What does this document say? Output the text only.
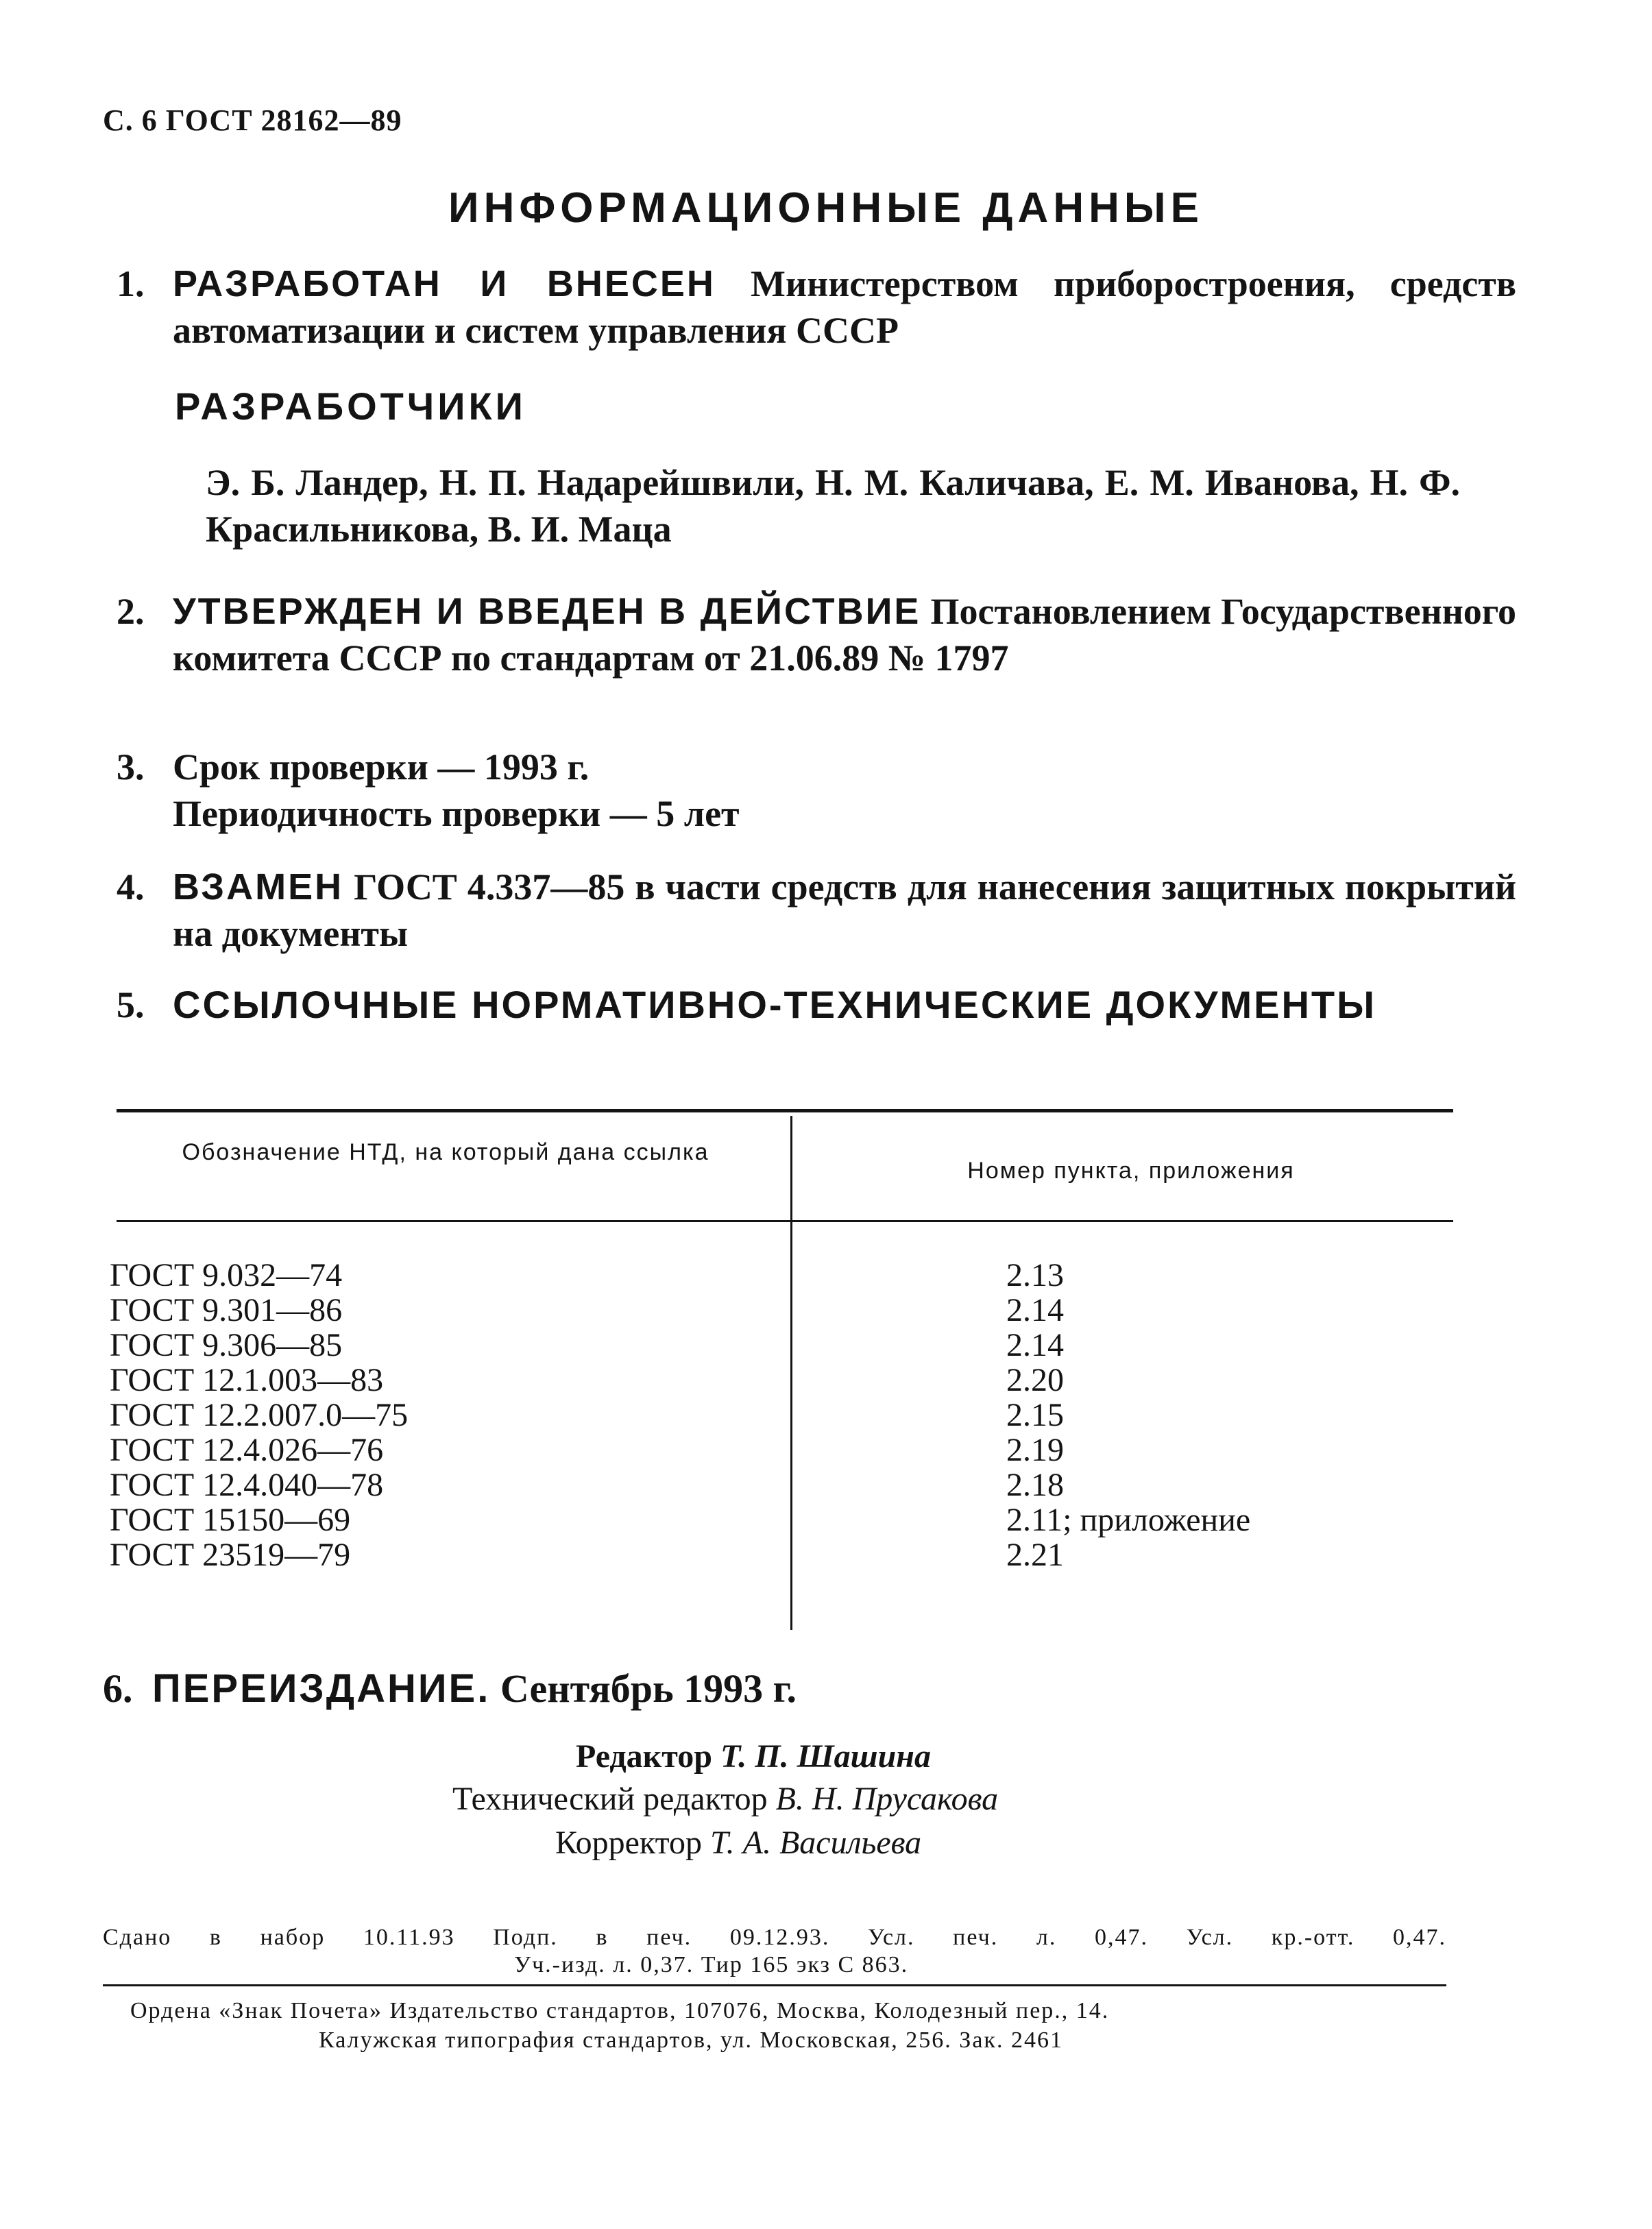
С. 6 ГОСТ 28162—89
ИНФОРМАЦИОННЫЕ ДАННЫЕ
1. РАЗРАБОТАН И ВНЕСЕН Министерством приборостроения, средств автоматизации и систем управления СССР
РАЗРАБОТЧИКИ
Э. Б. Ландер, Н. П. Надарейшвили, Н. М. Каличава, Е. М. Иванова, Н. Ф. Красильникова, В. И. Маца
2. УТВЕРЖДЕН И ВВЕДЕН В ДЕЙСТВИЕ Постановлением Государственного комитета СССР по стандартам от 21.06.89 № 1797
3. Срок проверки — 1993 г.
Периодичность проверки — 5 лет
4. ВЗАМЕН ГОСТ 4.337—85 в части средств для нанесения защитных покрытий на документы
5. ССЫЛОЧНЫЕ НОРМАТИВНО-ТЕХНИЧЕСКИЕ ДОКУМЕНТЫ
Обозначение НТД, на который дана ссылка
Номер пункта, приложения
ГОСТ 9.032—74
ГОСТ 9.301—86
ГОСТ 9.306—85
ГОСТ 12.1.003—83
ГОСТ 12.2.007.0—75
ГОСТ 12.4.026—76
ГОСТ 12.4.040—78
ГОСТ 15150—69
ГОСТ 23519—79
2.13
2.14
2.14
2.20
2.15
2.19
2.18
2.11; приложение
2.21
6. ПЕРЕИЗДАНИЕ. Сентябрь 1993 г.
Редактор Т. П. Шашина
Технический редактор В. Н. Прусакова
Корректор Т. А. Васильева
Сдано в набор 10.11.93 Подп. в печ. 09.12.93. Усл. печ. л. 0,47. Усл. кр.-отт. 0,47.
Уч.-изд. л. 0,37. Тир 165 экз С 863.
Ордена «Знак Почета» Издательство стандартов, 107076, Москва, Колодезный пер., 14.
Калужская типография стандартов, ул. Московская, 256. Зак. 2461
